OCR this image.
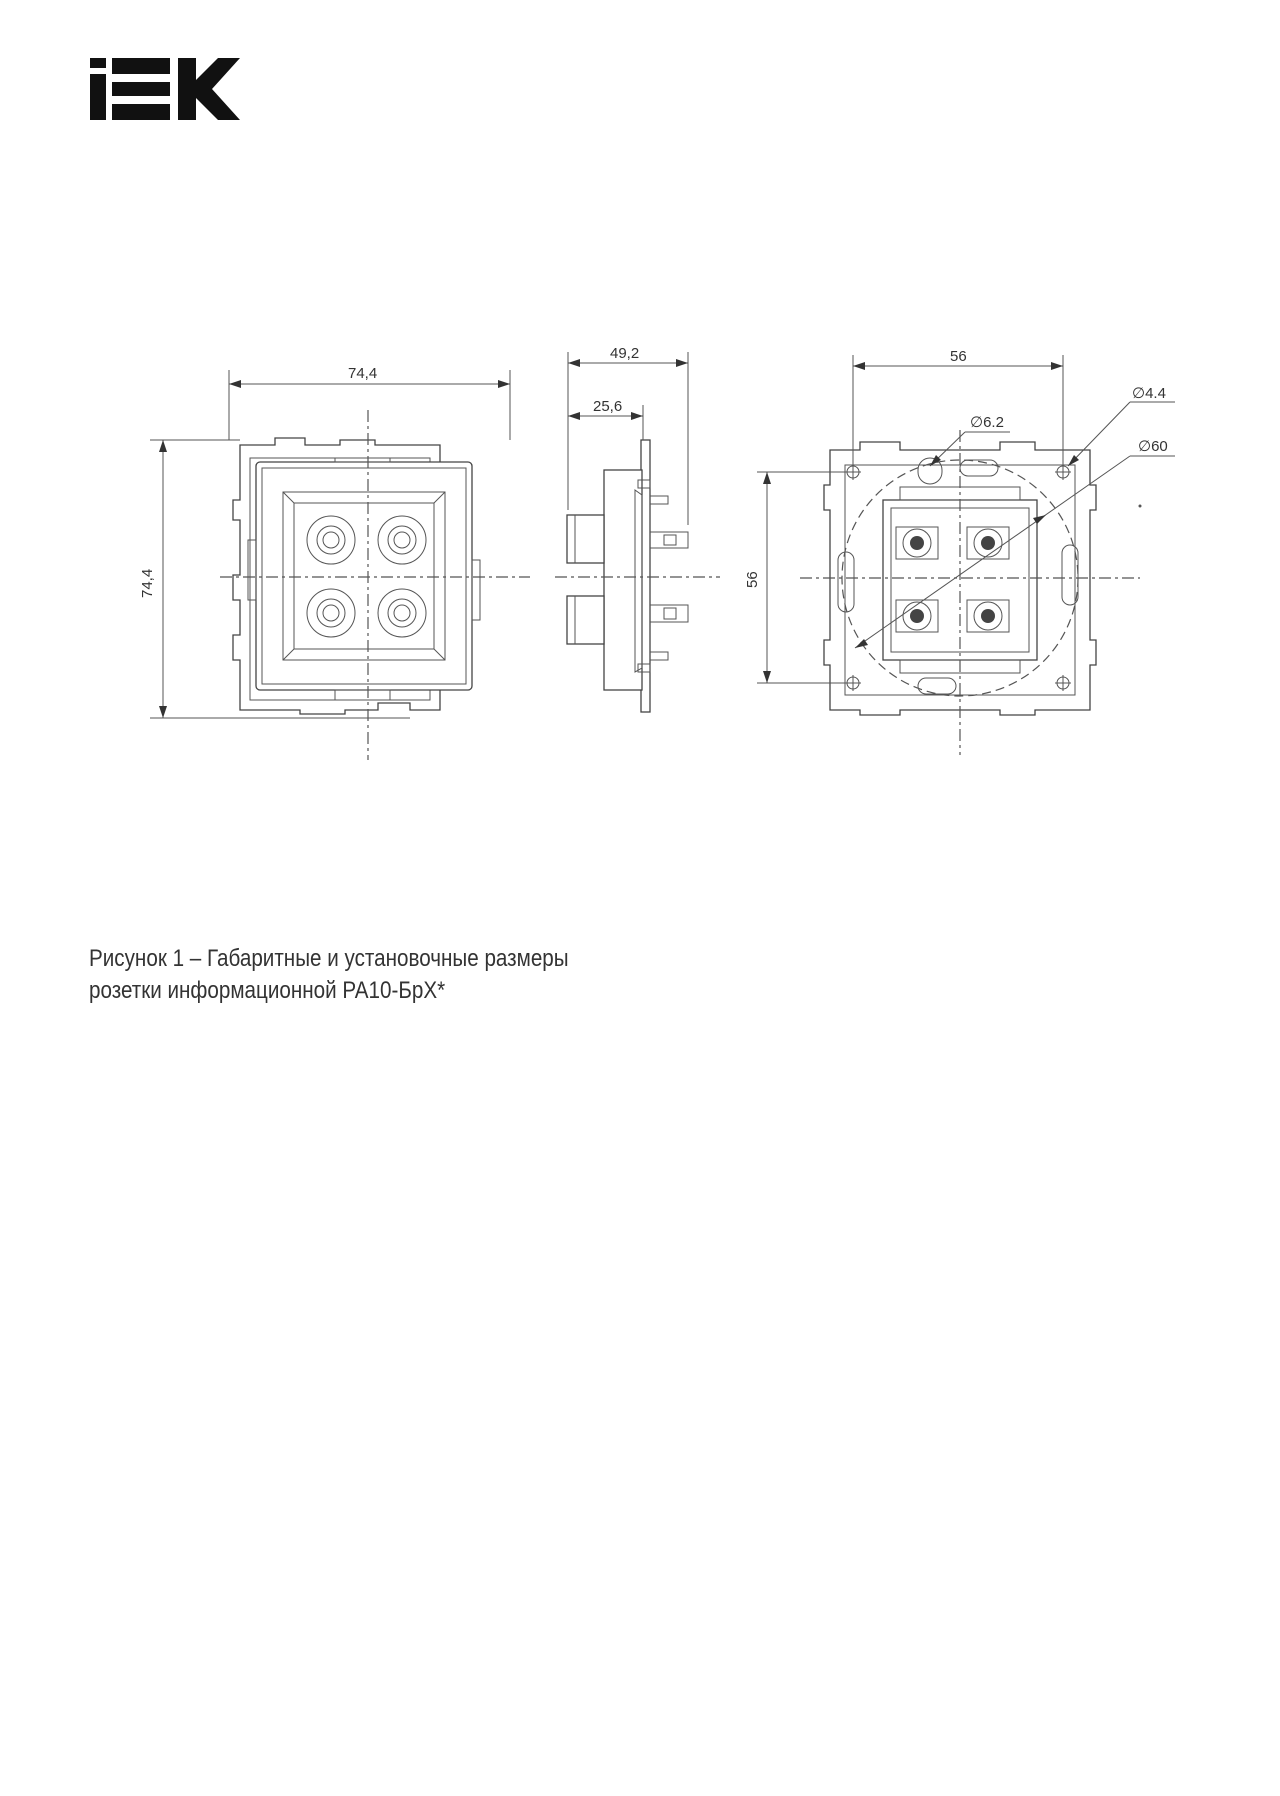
74,4
74,4
49,2
25,6
56
56
∅6.2
∅4.4
∅60
Рисунок 1 – Габаритные и установочные размеры
розетки информационной РА10-БрХ*
